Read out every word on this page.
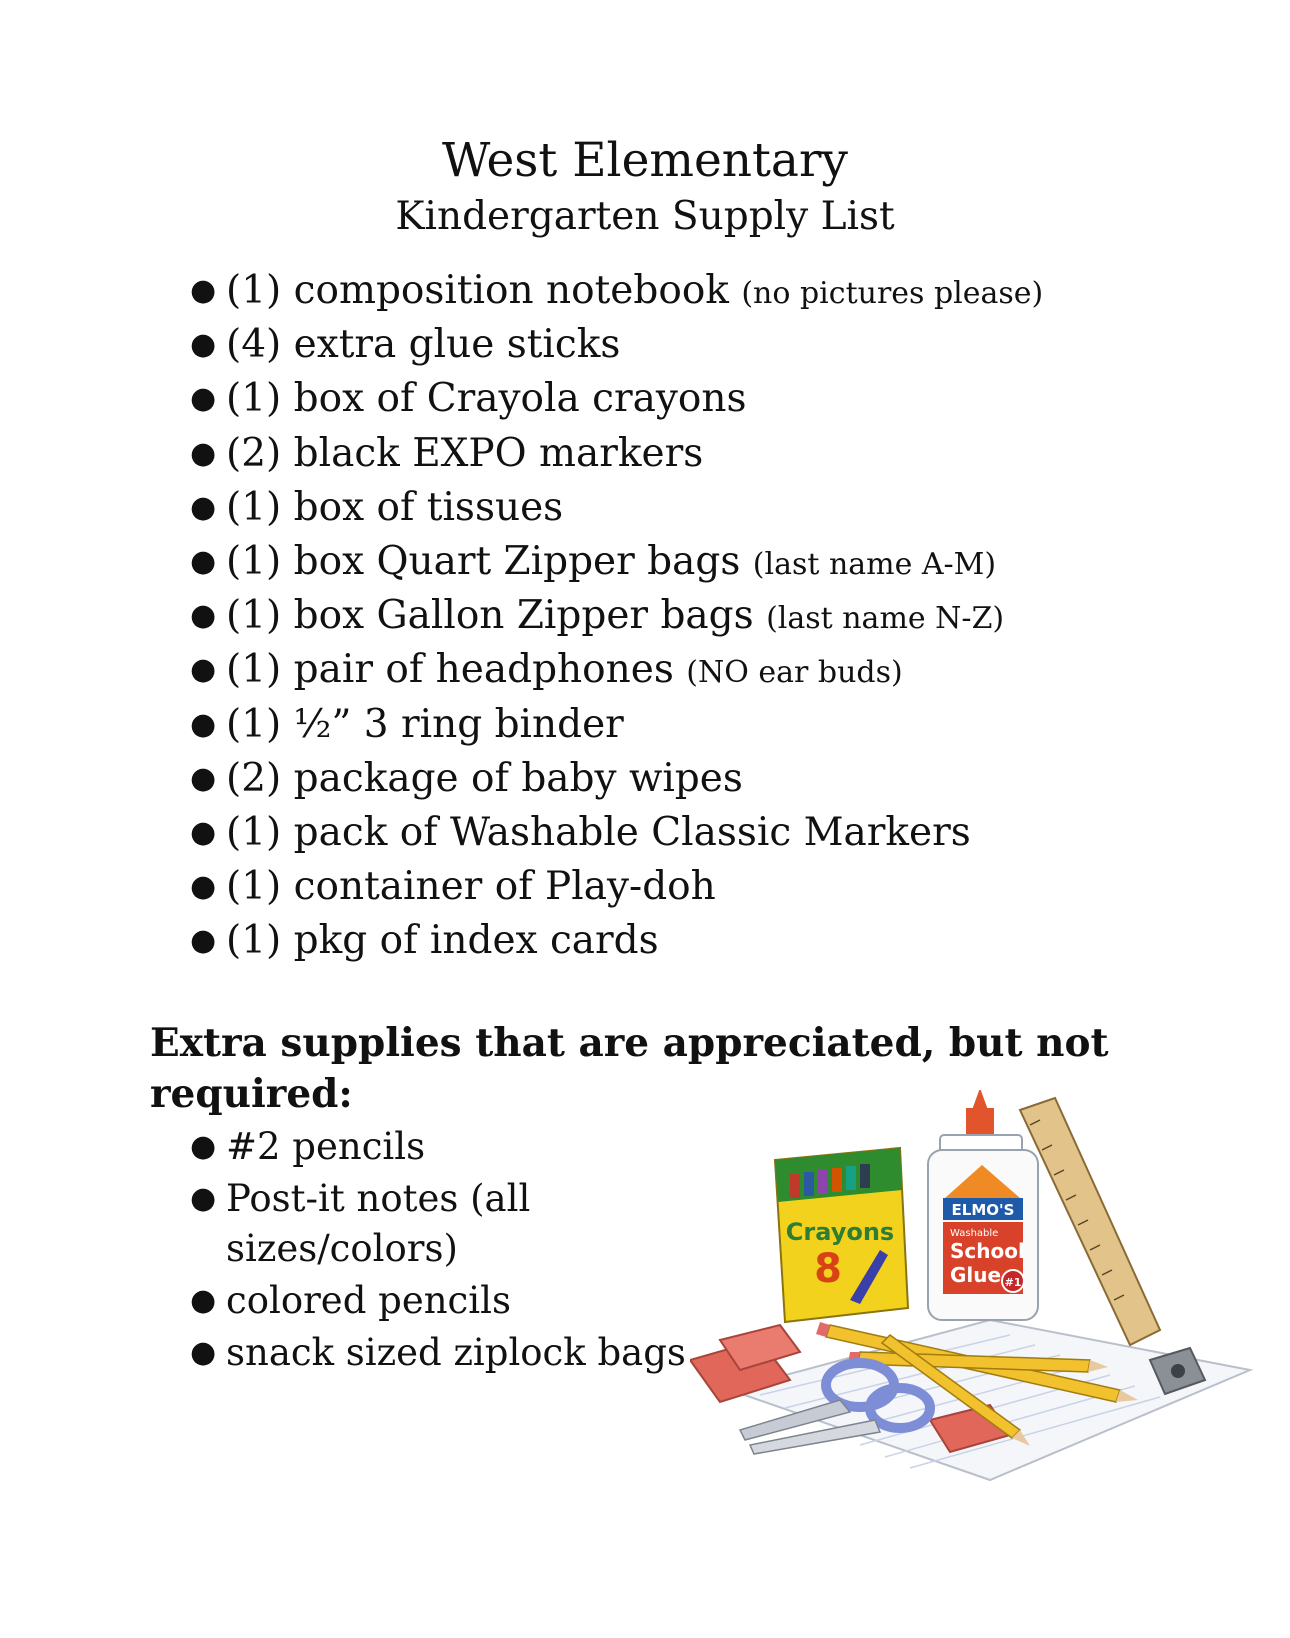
West Elementary
Kindergarten Supply List
● (1) composition notebook (no pictures please)
● (4) extra glue sticks
● (1) box of Crayola crayons
● (2) black EXPO markers
● (1) box of tissues
● (1) box Quart Zipper bags (last name A-M)
● (1) box Gallon Zipper bags (last name N-Z)
● (1) pair of headphones (NO ear buds)
● (1) ½” 3 ring binder
● (2) package of baby wipes
● (1) pack of Washable Classic Markers
● (1) container of Play-doh
● (1) pkg of index cards
Extra supplies that are appreciated, but not required:
● #2 pencils
● Post-it notes (all sizes/colors)
● colored pencils
● snack sized ziplock bags
Crayons
8
ELMO'S
Washable
School
Glue #1
